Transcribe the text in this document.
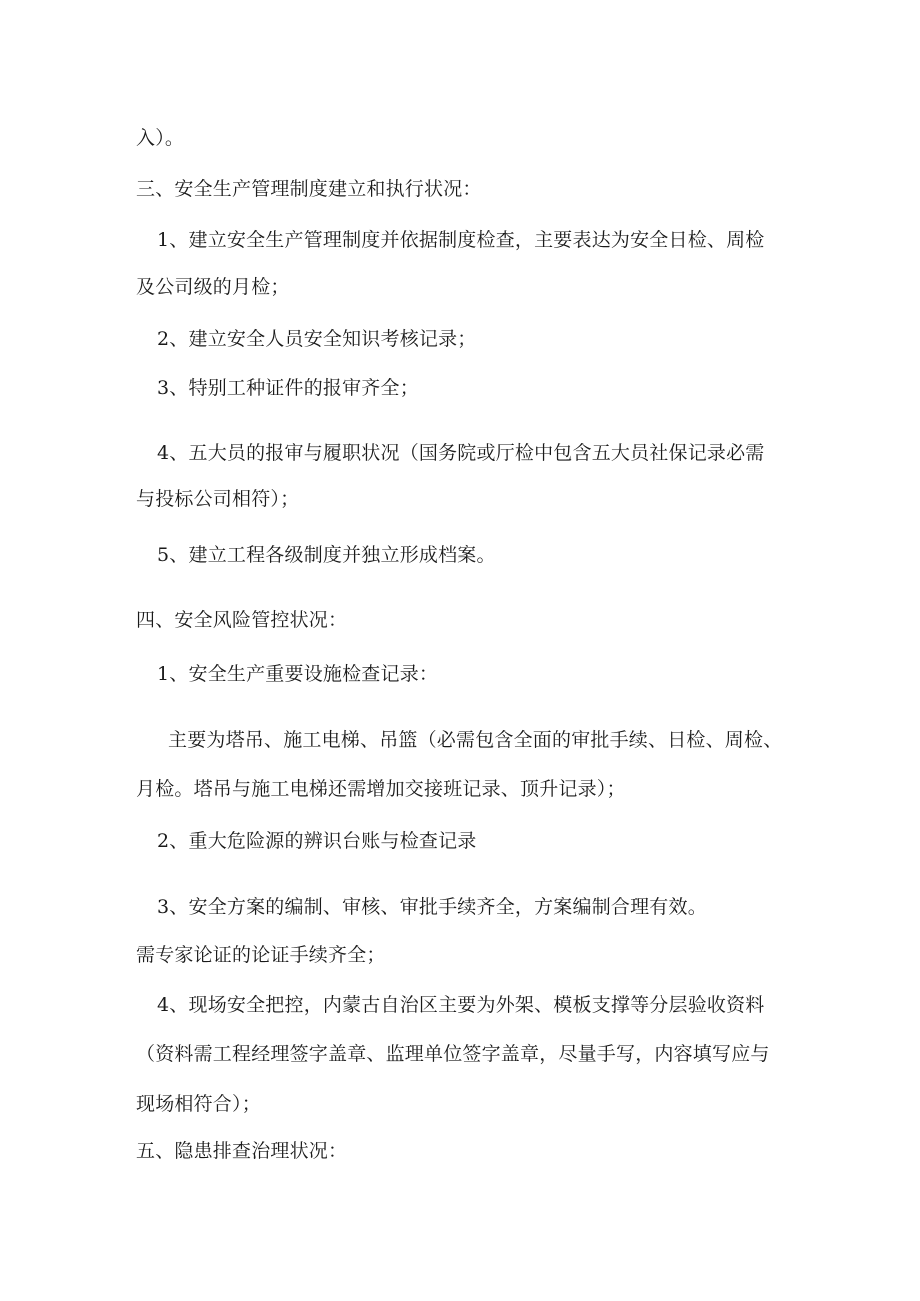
入）。
三、安全生产管理制度建立和执行状况：
1、建立安全生产管理制度并依据制度检查，主要表达为安全日检、周检
及公司级的月检；
2、建立安全人员安全知识考核记录；
3、特别工种证件的报审齐全；
4、五大员的报审与履职状况（国务院或厅检中包含五大员社保记录必需
与投标公司相符）；
5、建立工程各级制度并独立形成档案。
四、安全风险管控状况：
1、安全生产重要设施检查记录：
主要为塔吊、施工电梯、吊篮（必需包含全面的审批手续、日检、周检、
月检。塔吊与施工电梯还需增加交接班记录、顶升记录）；
2、重大危险源的辨识台账与检查记录
3、安全方案的编制、审核、审批手续齐全，方案编制合理有效。
需专家论证的论证手续齐全；
4、现场安全把控，内蒙古自治区主要为外架、模板支撑等分层验收资料
（资料需工程经理签字盖章、监理单位签字盖章，尽量手写，内容填写应与
现场相符合）；
五、隐患排查治理状况：
